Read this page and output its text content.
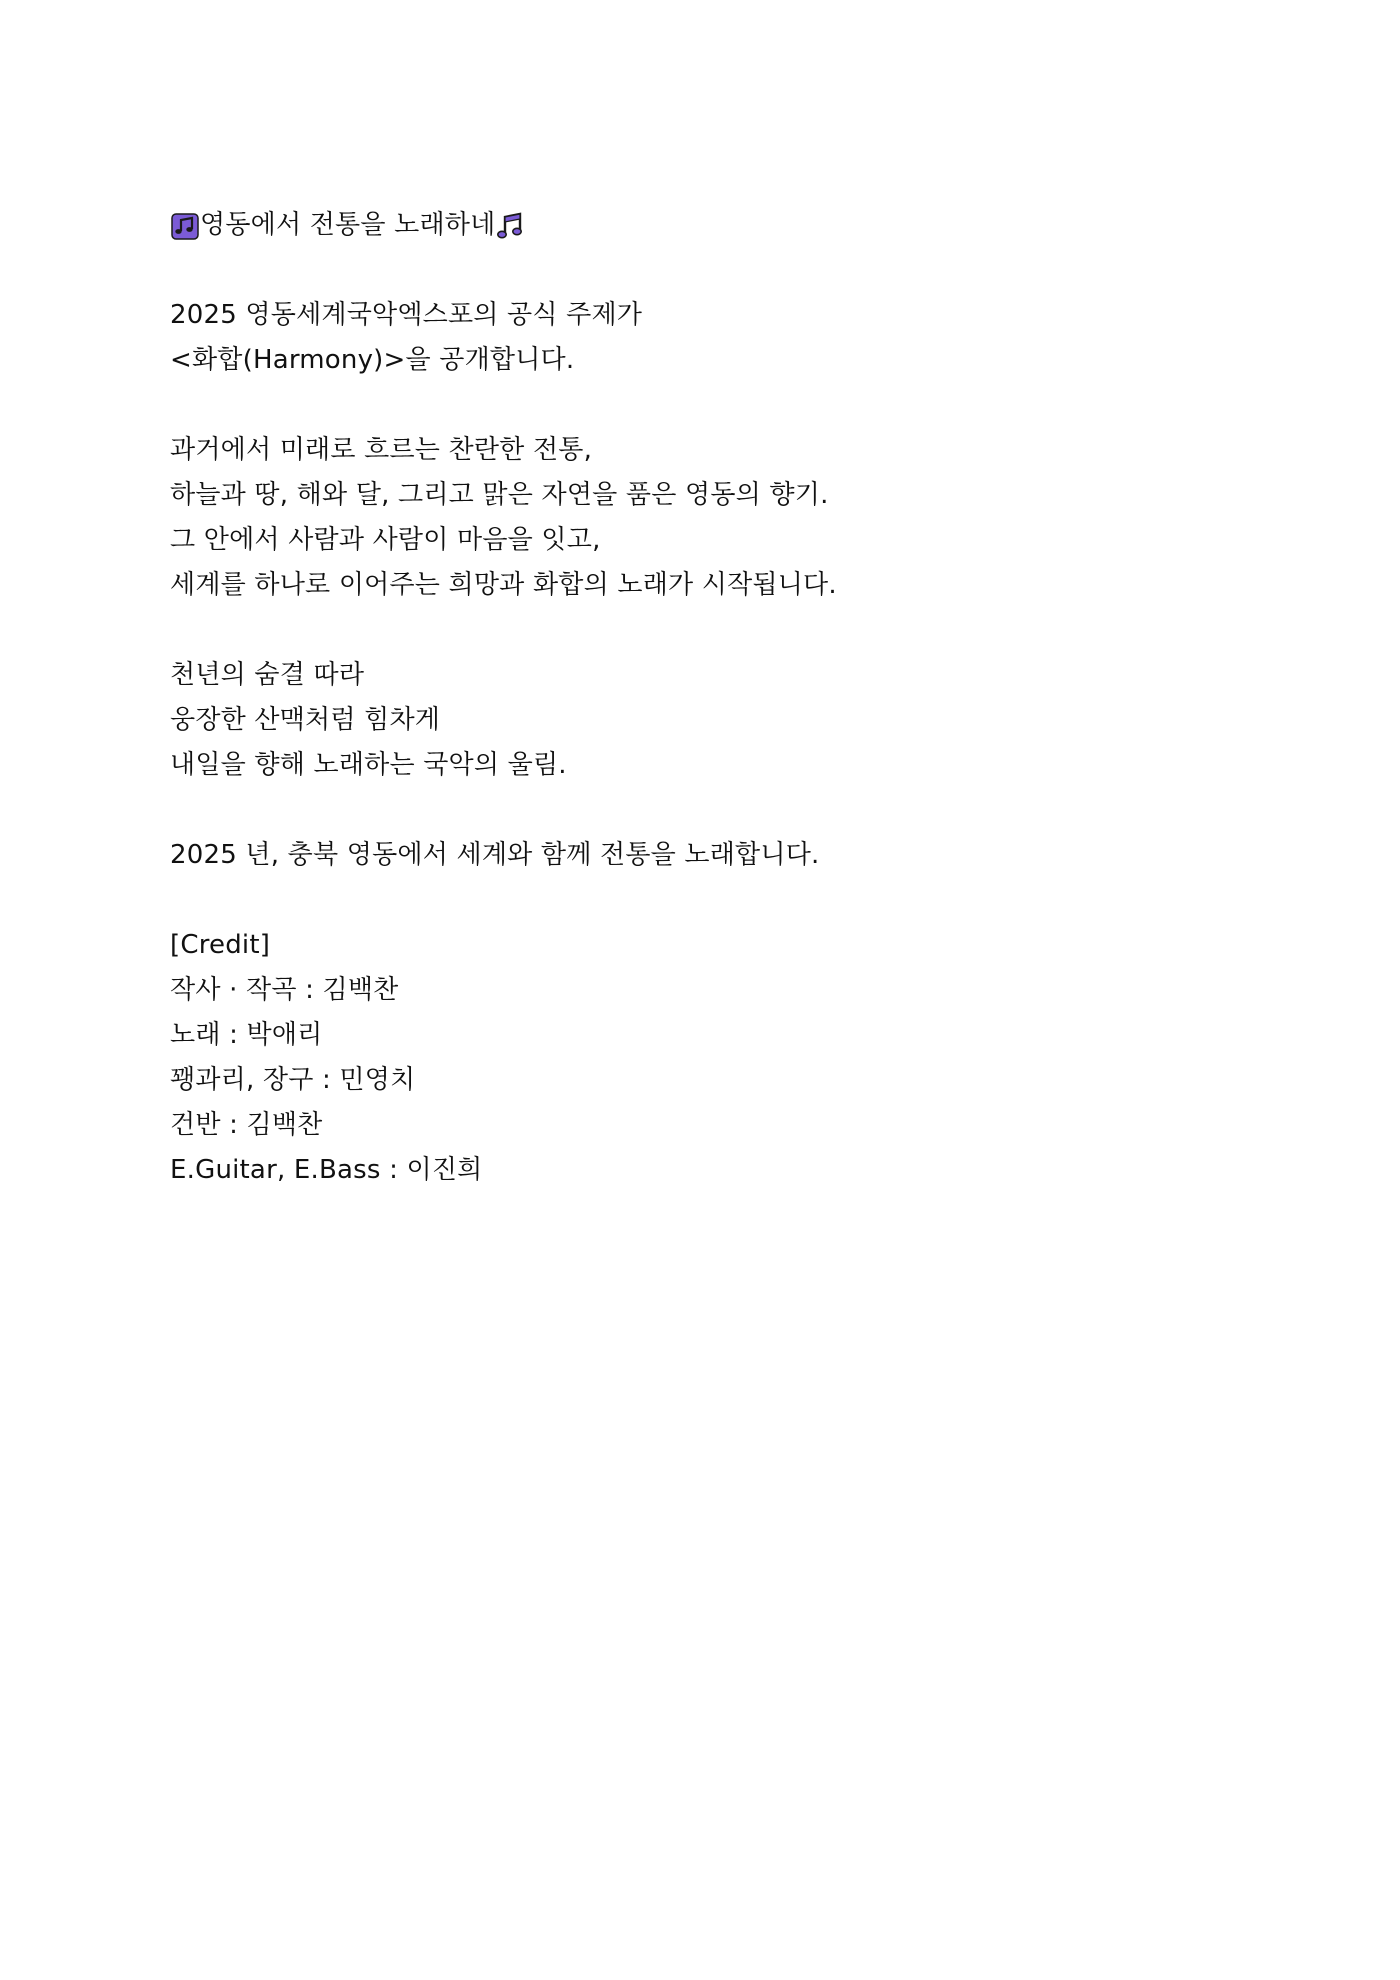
영동에서 전통을 노래하네
2025 영동세계국악엑스포의 공식 주제가
<화합(Harmony)>을 공개합니다.
과거에서 미래로 흐르는 찬란한 전통,
하늘과 땅, 해와 달, 그리고 맑은 자연을 품은 영동의 향기.
그 안에서 사람과 사람이 마음을 잇고,
세계를 하나로 이어주는 희망과 화합의 노래가 시작됩니다.
천년의 숨결 따라
웅장한 산맥처럼 힘차게
내일을 향해 노래하는 국악의 울림.
2025 년, 충북 영동에서 세계와 함께 전통을 노래합니다.
[Credit]
작사 · 작곡 : 김백찬
노래 : 박애리
꽹과리, 장구 : 민영치
건반 : 김백찬
E.Guitar, E.Bass : 이진희
